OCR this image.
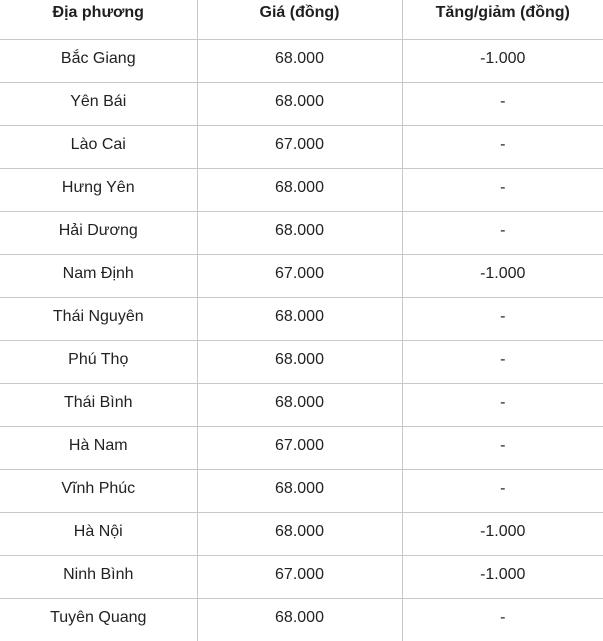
Địa phương	Giá (đồng)	Tăng/giảm (đồng)
Bắc Giang	68.000	-1.000
Yên Bái	68.000	-
Lào Cai	67.000	-
Hưng Yên	68.000	-
Hải Dương	68.000	-
Nam Định	67.000	-1.000
Thái Nguyên	68.000	-
Phú Thọ	68.000	-
Thái Bình	68.000	-
Hà Nam	67.000	-
Vĩnh Phúc	68.000	-
Hà Nội	68.000	-1.000
Ninh Bình	67.000	-1.000
Tuyên Quang	68.000	-
